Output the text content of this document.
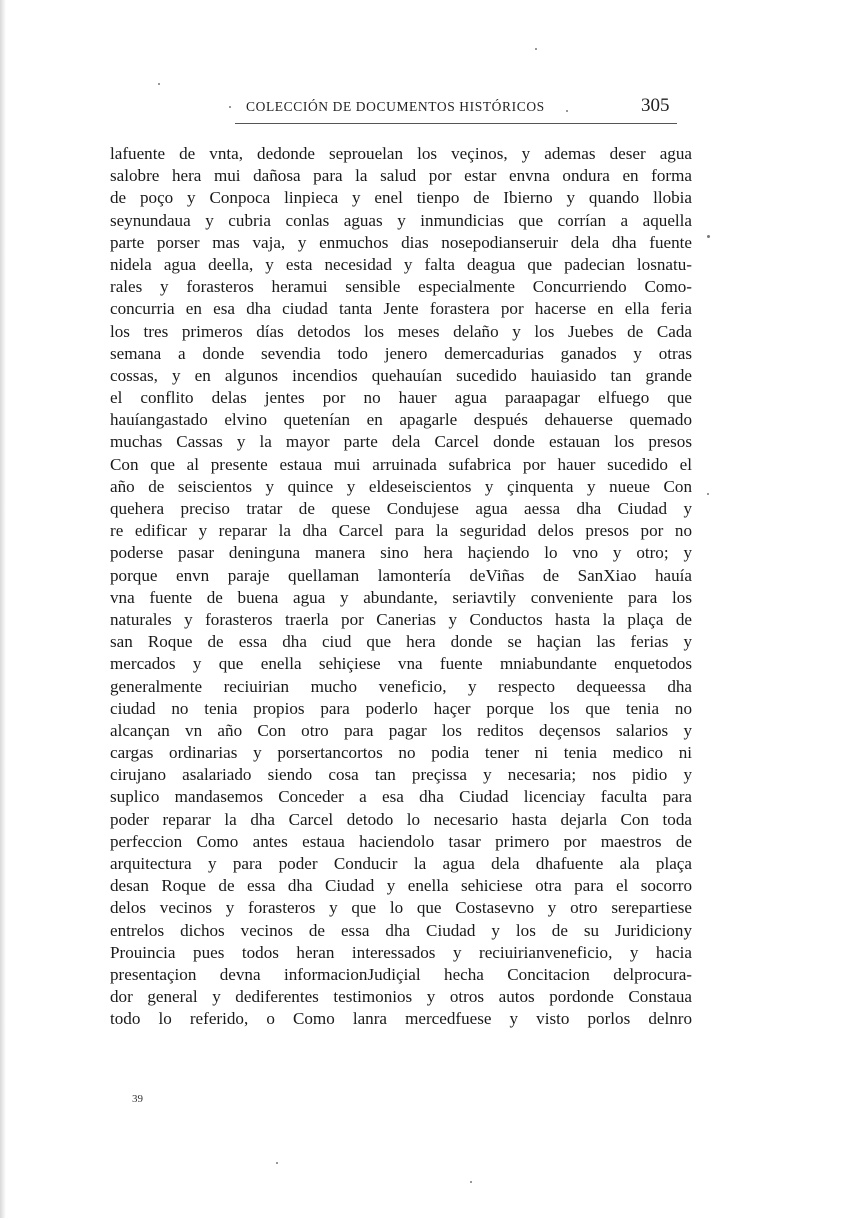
COLECCIÓN DE DOCUMENTOS HISTÓRICOS	305
lafuente de vnta, dedonde seprouelan los veçinos, y ademas deser agua
salobre hera mui dañosa para la salud por estar envna ondura en forma
de poço y Conpoca linpieca y enel tienpo de Ibierno y quando llobia
seynundaua y cubria conlas aguas y inmundicias que corrían a aquella
parte porser mas vaja, y enmuchos dias nosepodianseruir dela dha fuente
nidela agua deella, y esta necesidad y falta deagua que padecian losnatu-
rales y forasteros heramui sensible especialmente Concurriendo Como-
concurria en esa dha ciudad tanta Jente forastera por hacerse en ella feria
los tres primeros días detodos los meses delaño y los Juebes de Cada
semana a donde sevendia todo jenero demercadurias ganados y otras
cossas, y en algunos incendios quehauían sucedido hauiasido tan grande
el conflito delas jentes por no hauer agua paraapagar elfuego que
hauíangastado elvino quetenían en apagarle después dehauerse quemado
muchas Cassas y la mayor parte dela Carcel donde estauan los presos
Con que al presente estaua mui arruinada sufabrica por hauer sucedido el
año de seiscientos y quince y eldeseiscientos y çinquenta y nueue Con
quehera preciso tratar de quese Condujese agua aessa dha Ciudad y
re edificar y reparar la dha Carcel para la seguridad delos presos por no
poderse pasar deninguna manera sino hera haçiendo lo vno y otro; y
porque envn paraje quellaman lamontería deViñas de SanXiao hauía
vna fuente de buena agua y abundante, seriavtily conveniente para los
naturales y forasteros traerla por Canerias y Conductos hasta la plaça de
san Roque de essa dha ciud que hera donde se haçian las ferias y
mercados y que enella sehiçiese vna fuente mniabundante enquetodos
generalmente reciuirian mucho veneficio, y respecto dequeessa dha
ciudad no tenia propios para poderlo haçer porque los que tenia no
alcançan vn año Con otro para pagar los reditos deçensos salarios y
cargas ordinarias y porsertancortos no podia tener ni tenia medico ni
cirujano asalariado siendo cosa tan preçissa y necesaria; nos pidio y
suplico mandasemos Conceder a esa dha Ciudad licenciay faculta para
poder reparar la dha Carcel detodo lo necesario hasta dejarla Con toda
perfeccion Como antes estaua haciendolo tasar primero por maestros de
arquitectura y para poder Conducir la agua dela dhafuente ala plaça
desan Roque de essa dha Ciudad y enella sehiciese otra para el socorro
delos vecinos y forasteros y que lo que Costasevno y otro serepartiese
entrelos dichos vecinos de essa dha Ciudad y los de su Juridiciony
Prouincia pues todos heran interessados y reciuirianveneficio, y hacia
presentaçion devna informacionJudiçial hecha Concitacion delprocura-
dor general y dediferentes testimonios y otros autos pordonde Constaua
todo lo referido, o Como lanra mercedfuese y visto porlos delnro
39
